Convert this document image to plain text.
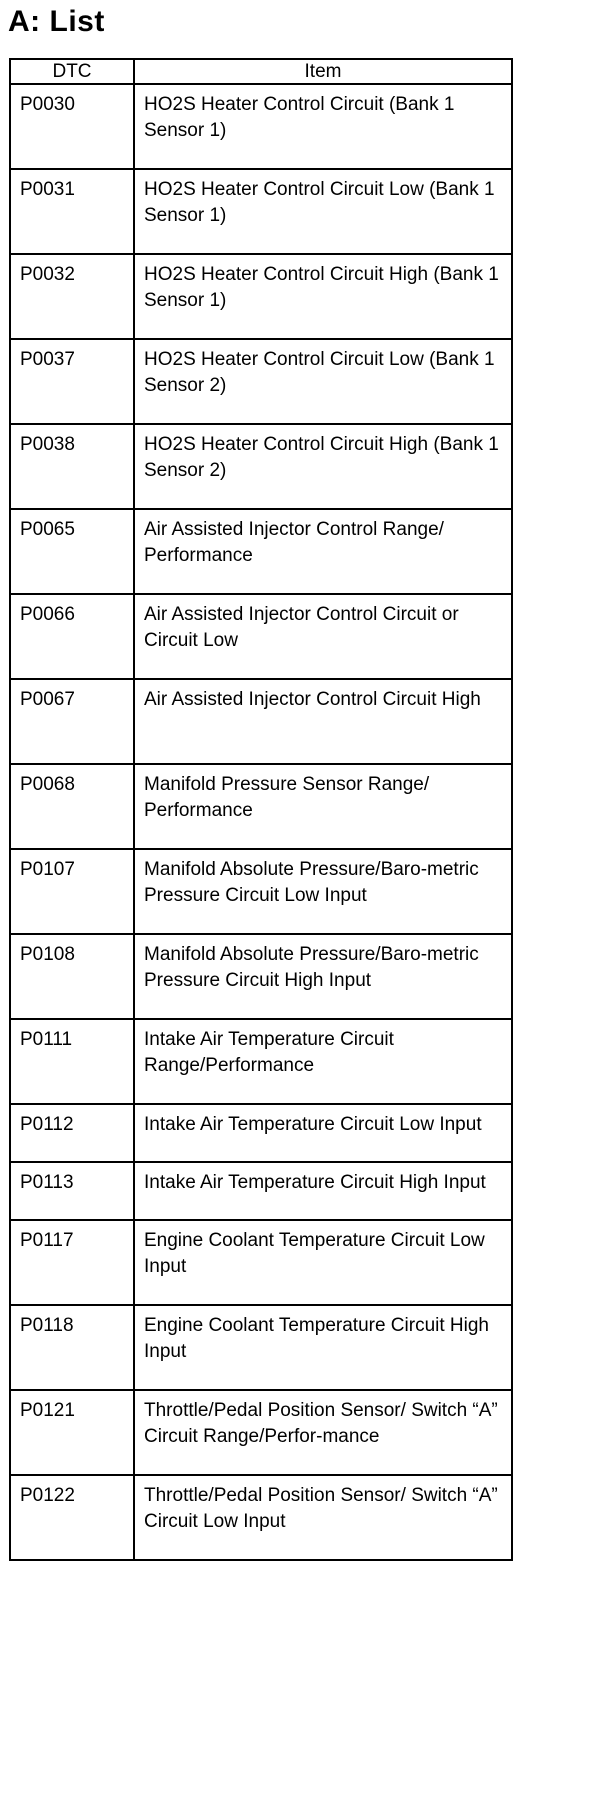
A: List
DTC	Item
P0030	HO2S Heater Control Circuit (Bank 1 Sensor 1)
P0031	HO2S Heater Control Circuit Low (Bank 1 Sensor 1)
P0032	HO2S Heater Control Circuit High (Bank 1 Sensor 1)
P0037	HO2S Heater Control Circuit Low (Bank 1 Sensor 2)
P0038	HO2S Heater Control Circuit High (Bank 1 Sensor 2)
P0065	Air Assisted Injector Control Range/ Performance
P0066	Air Assisted Injector Control Circuit or Circuit Low
P0067	Air Assisted Injector Control Circuit High
P0068	Manifold Pressure Sensor Range/ Performance
P0107	Manifold Absolute Pressure/Baro-metric Pressure Circuit Low Input
P0108	Manifold Absolute Pressure/Baro-metric Pressure Circuit High Input
P0111	Intake Air Temperature Circuit Range/Performance
P0112	Intake Air Temperature Circuit Low Input
P0113	Intake Air Temperature Circuit High Input
P0117	Engine Coolant Temperature Circuit Low Input
P0118	Engine Coolant Temperature Circuit High Input
P0121	Throttle/Pedal Position Sensor/ Switch “A” Circuit Range/Perfor-mance
P0122	Throttle/Pedal Position Sensor/ Switch “A” Circuit Low Input
